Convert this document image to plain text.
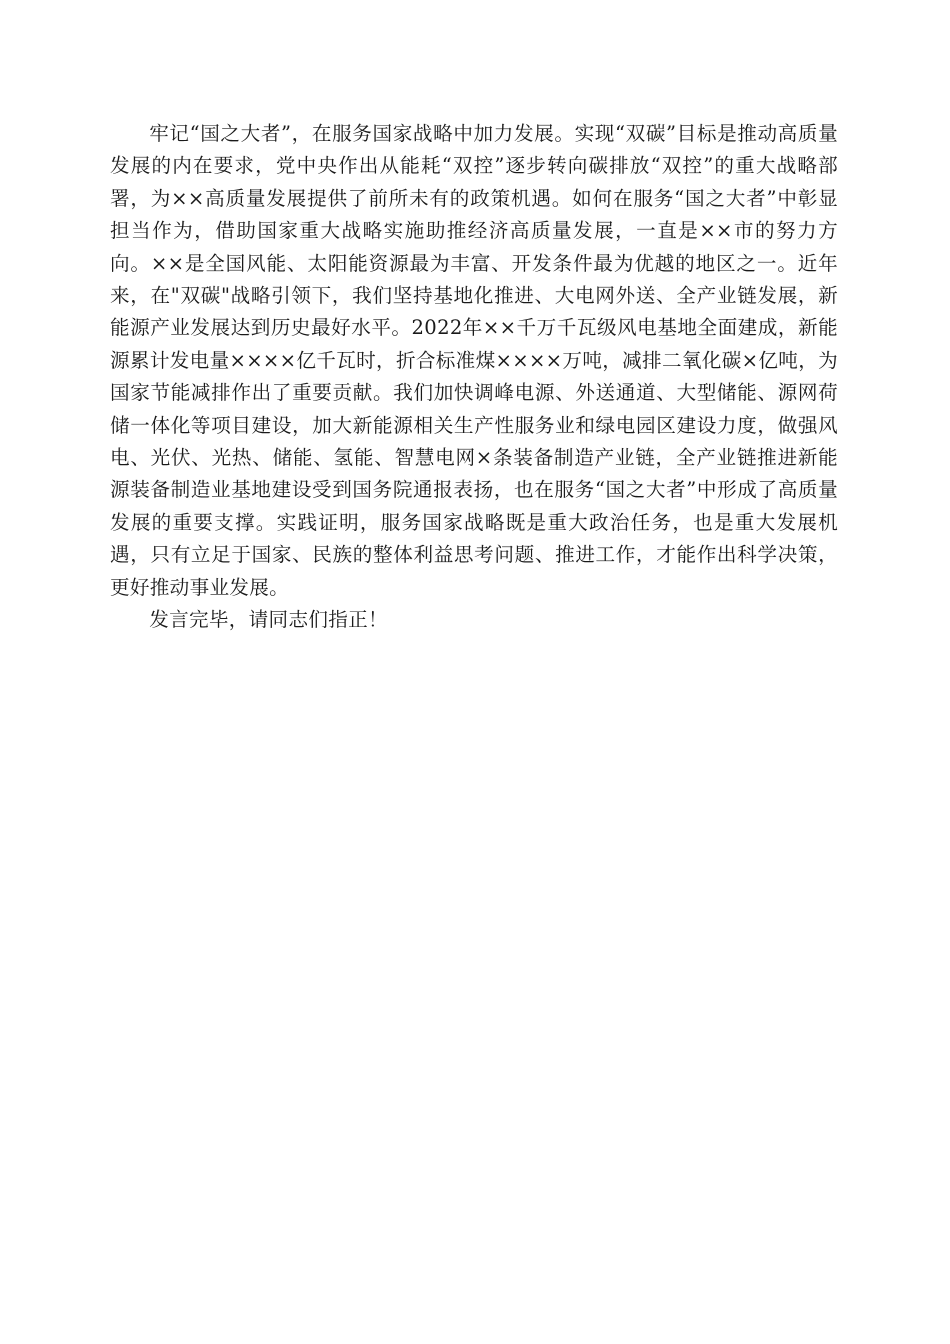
牢记“国之大者”，在服务国家战略中加力发展。实现“双碳”目标是推动高质量发展的内在要求，党中央作出从能耗“双控”逐步转向碳排放“双控”的重大战略部署，为××高质量发展提供了前所未有的政策机遇。如何在服务“国之大者”中彰显担当作为，借助国家重大战略实施助推经济高质量发展，一直是××市的努力方向。××是全国风能、太阳能资源最为丰富、开发条件最为优越的地区之一。近年来，在"双碳"战略引领下，我们坚持基地化推进、大电网外送、全产业链发展，新能源产业发展达到历史最好水平。2022年××千万千瓦级风电基地全面建成，新能源累计发电量××××亿千瓦时，折合标准煤××××万吨，减排二氧化碳×亿吨，为国家节能减排作出了重要贡献。我们加快调峰电源、外送通道、大型储能、源网荷储一体化等项目建设，加大新能源相关生产性服务业和绿电园区建设力度，做强风电、光伏、光热、储能、氢能、智慧电网×条装备制造产业链，全产业链推进新能源装备制造业基地建设受到国务院通报表扬，也在服务“国之大者”中形成了高质量发展的重要支撑。实践证明，服务国家战略既是重大政治任务，也是重大发展机遇，只有立足于国家、民族的整体利益思考问题、推进工作，才能作出科学决策，更好推动事业发展。

发言完毕，请同志们指正！
